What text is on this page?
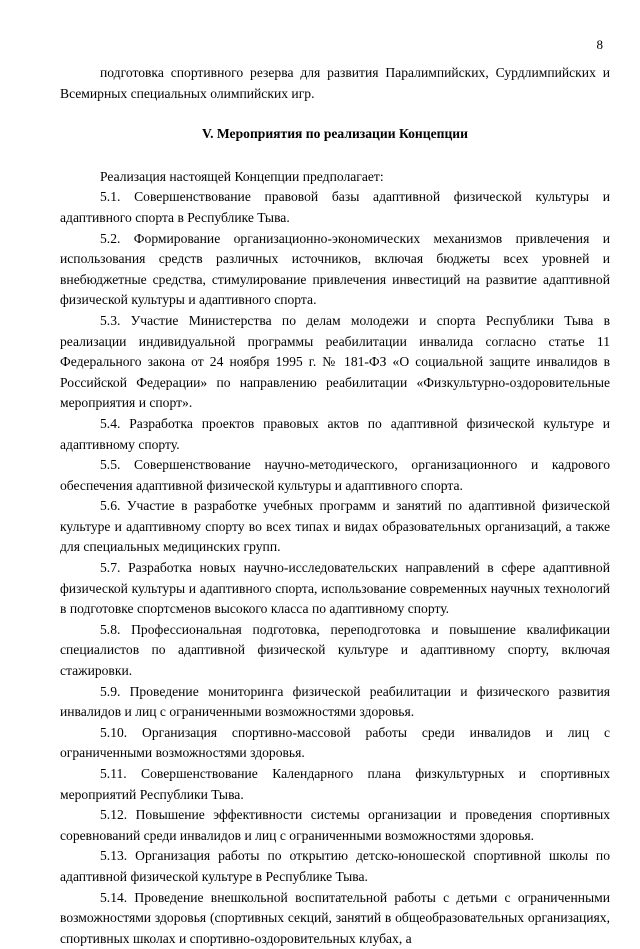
8

подготовка спортивного резерва для развития Паралимпийских, Сурдлимпийских и Всемирных специальных олимпийских игр.

V. Мероприятия по реализации Концепции

Реализация настоящей Концепции предполагает:

5.1. Совершенствование правовой базы адаптивной физической культуры и адаптивного спорта в Республике Тыва.

5.2. Формирование организационно-экономических механизмов привлечения и использования средств различных источников, включая бюджеты всех уровней и внебюджетные средства, стимулирование привлечения инвестиций на развитие адаптивной физической культуры и адаптивного спорта.

5.3. Участие Министерства по делам молодежи и спорта Республики Тыва в реализации индивидуальной программы реабилитации инвалида согласно статье 11 Федерального закона от 24 ноября 1995 г. № 181-ФЗ «О социальной защите инвалидов в Российской Федерации» по направлению реабилитации «Физкультурно-оздоровительные мероприятия и спорт».

5.4. Разработка проектов правовых актов по адаптивной физической культуре и адаптивному спорту.

5.5. Совершенствование научно-методического, организационного и кадрового обеспечения адаптивной физической культуры и адаптивного спорта.

5.6. Участие в разработке учебных программ и занятий по адаптивной физической культуре и адаптивному спорту во всех типах и видах образовательных организаций, а также для специальных медицинских групп.

5.7. Разработка новых научно-исследовательских направлений в сфере адаптивной физической культуры и адаптивного спорта, использование современных научных технологий в подготовке спортсменов высокого класса по адаптивному спорту.

5.8. Профессиональная подготовка, переподготовка и повышение квалификации специалистов по адаптивной физической культуре и адаптивному спорту, включая стажировки.

5.9. Проведение мониторинга физической реабилитации и физического развития инвалидов и лиц с ограниченными возможностями здоровья.

5.10. Организация спортивно-массовой работы среди инвалидов и лиц с ограниченными возможностями здоровья.

5.11. Совершенствование Календарного плана физкультурных и спортивных мероприятий Республики Тыва.

5.12. Повышение эффективности системы организации и проведения спортивных соревнований среди инвалидов и лиц с ограниченными возможностями здоровья.

5.13. Организация работы по открытию детско-юношеской спортивной школы по адаптивной физической культуре в Республике Тыва.

5.14. Проведение внешкольной воспитательной работы с детьми с ограниченными возможностями здоровья (спортивных секций, занятий в общеобразовательных организациях, спортивных школах и спортивно-оздоровительных клубах, а
